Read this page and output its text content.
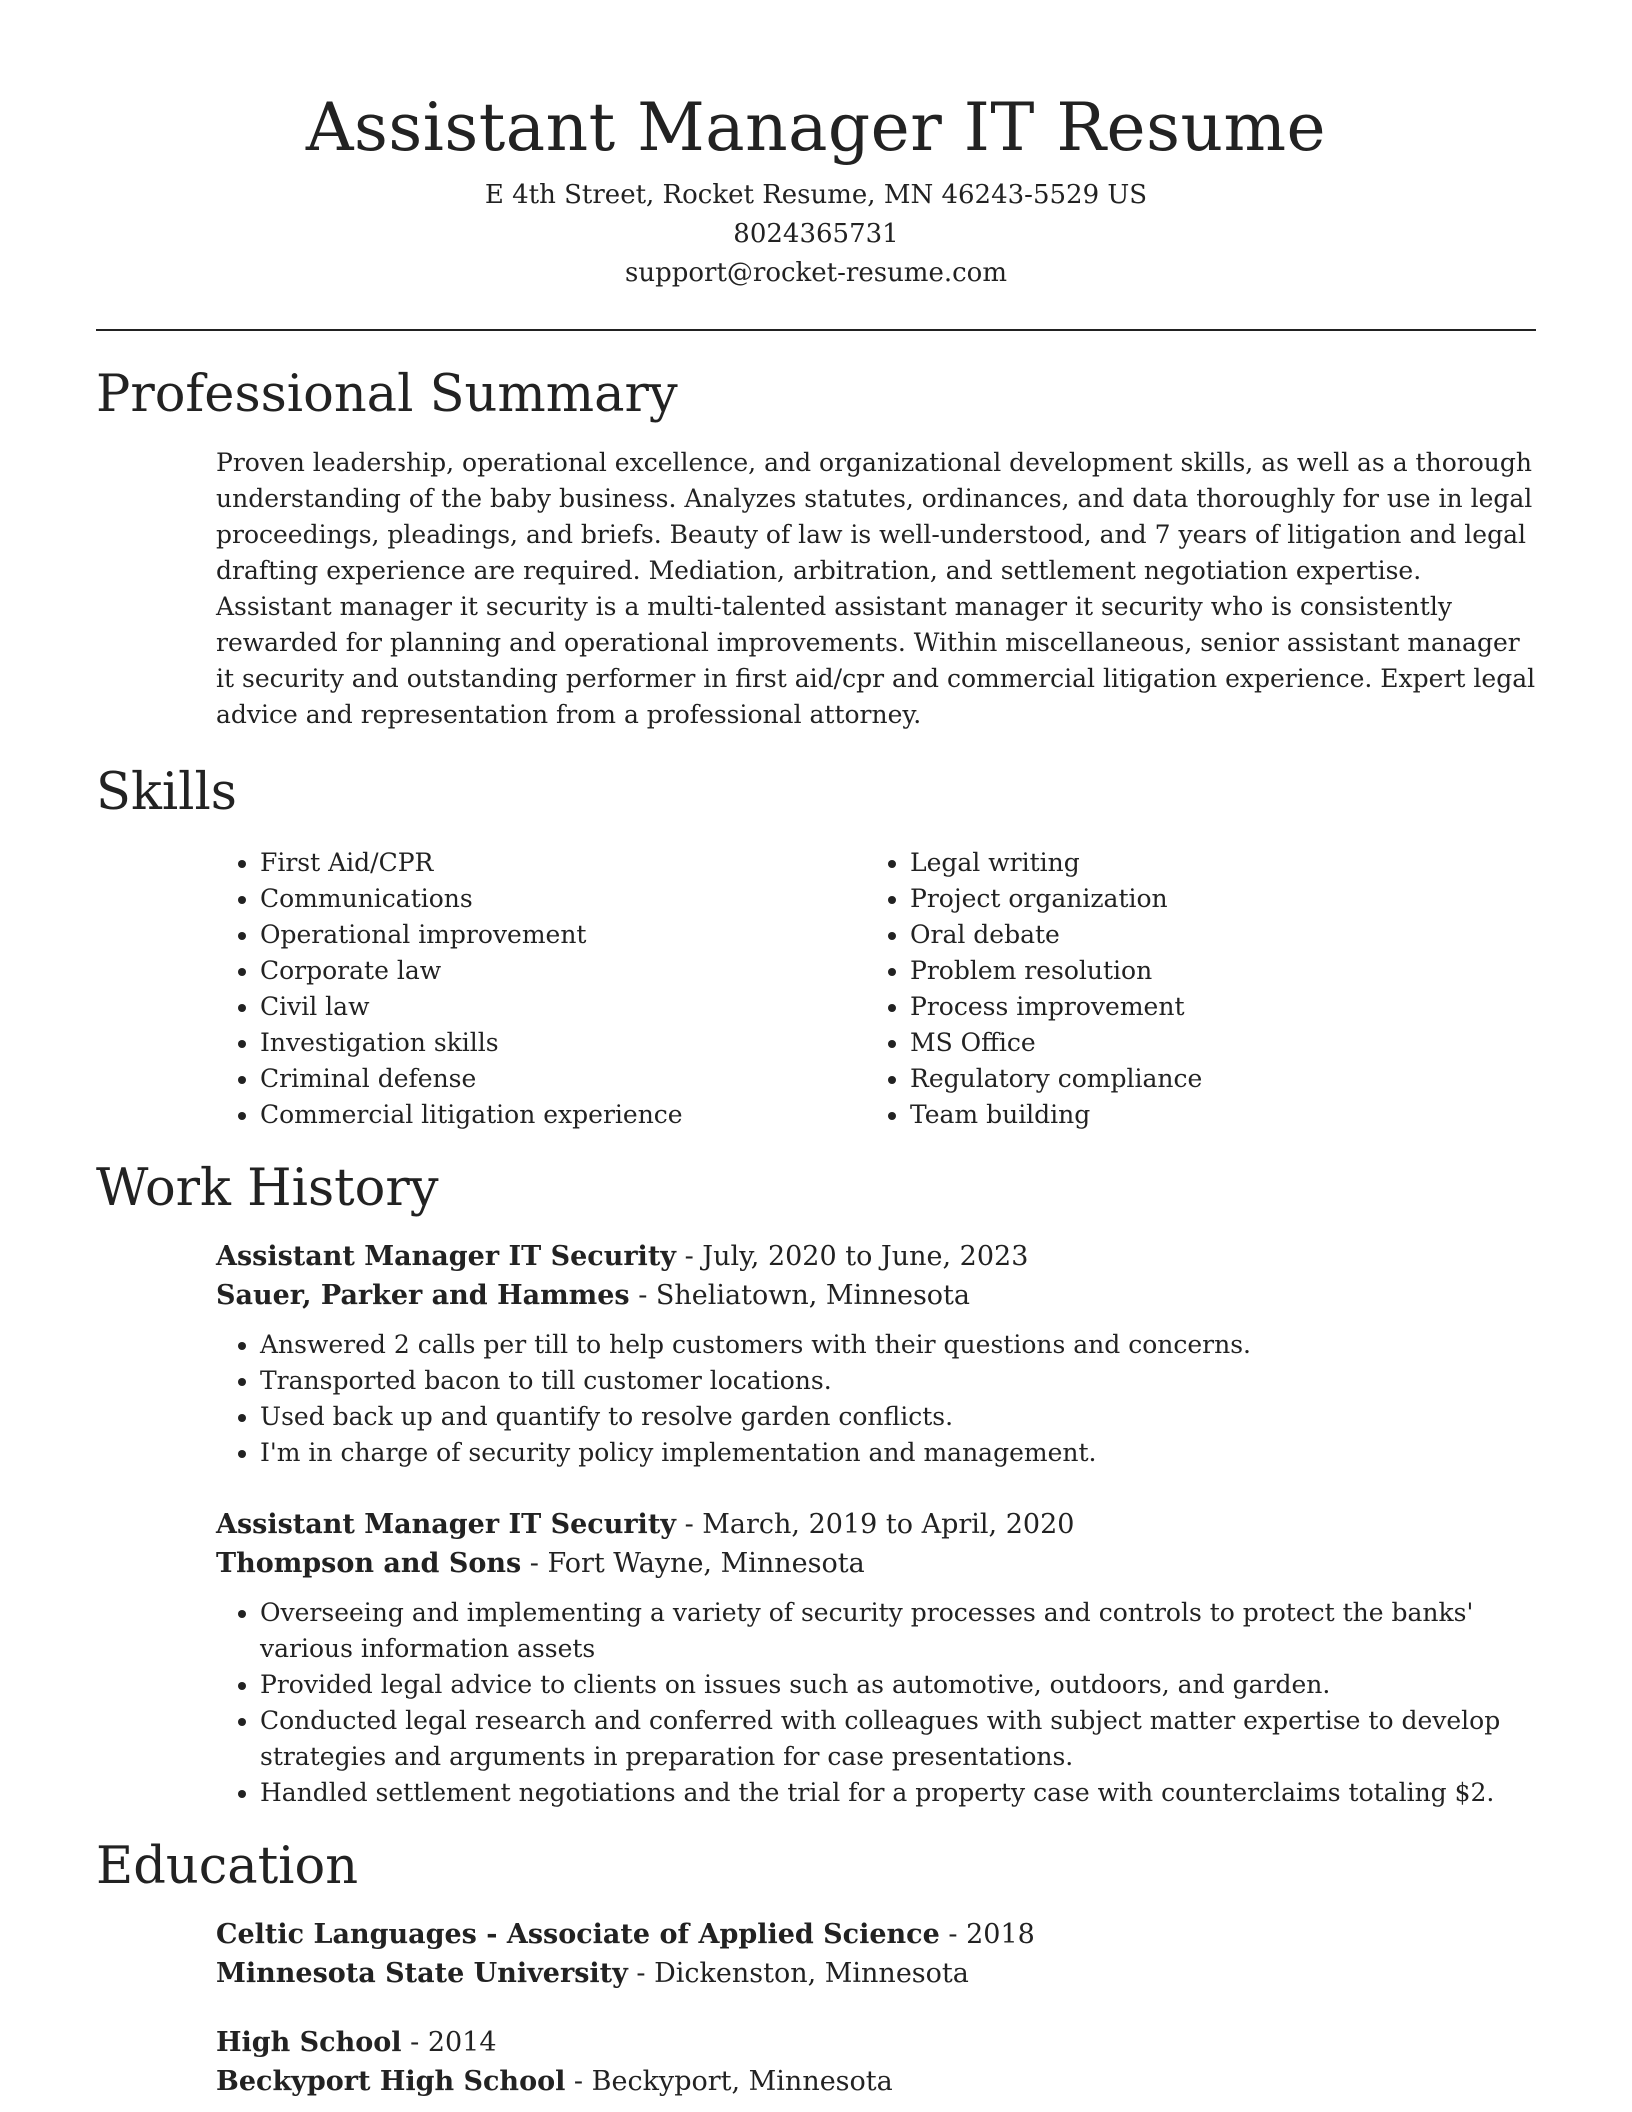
Assistant Manager IT Resume
E 4th Street, Rocket Resume, MN 46243-5529 US
8024365731
support@rocket-resume.com
Professional Summary

Proven leadership, operational excellence, and organizational development skills, as well as a thorough understanding of the baby business. Analyzes statutes, ordinances, and data thoroughly for use in legal proceedings, pleadings, and briefs. Beauty of law is well-understood, and 7 years of litigation and legal drafting experience are required. Mediation, arbitration, and settlement negotiation expertise. Assistant manager it security is a multi-talented assistant manager it security who is consistently rewarded for planning and operational improvements. Within miscellaneous, senior assistant manager it security and outstanding performer in first aid/cpr and commercial litigation experience. Expert legal advice and representation from a professional attorney.

Skills
• First Aid/CPR
• Communications
• Operational improvement
• Corporate law
• Civil law
• Investigation skills
• Criminal defense
• Commercial litigation experience
• Legal writing
• Project organization
• Oral debate
• Problem resolution
• Process improvement
• MS Office
• Regulatory compliance
• Team building
Work History
Assistant Manager IT Security - July, 2020 to June, 2023
Sauer, Parker and Hammes - Sheliatown, Minnesota
• Answered 2 calls per till to help customers with their questions and concerns.
• Transported bacon to till customer locations.
• Used back up and quantify to resolve garden conflicts.
• I'm in charge of security policy implementation and management.
Assistant Manager IT Security - March, 2019 to April, 2020
Thompson and Sons - Fort Wayne, Minnesota
• Overseeing and implementing a variety of security processes and controls to protect the banks' various information assets
• Provided legal advice to clients on issues such as automotive, outdoors, and garden.
• Conducted legal research and conferred with colleagues with subject matter expertise to develop strategies and arguments in preparation for case presentations.
• Handled settlement negotiations and the trial for a property case with counterclaims totaling $2.
Education
Celtic Languages - Associate of Applied Science - 2018
Minnesota State University - Dickenston, Minnesota
High School - 2014
Beckyport High School - Beckyport, Minnesota
